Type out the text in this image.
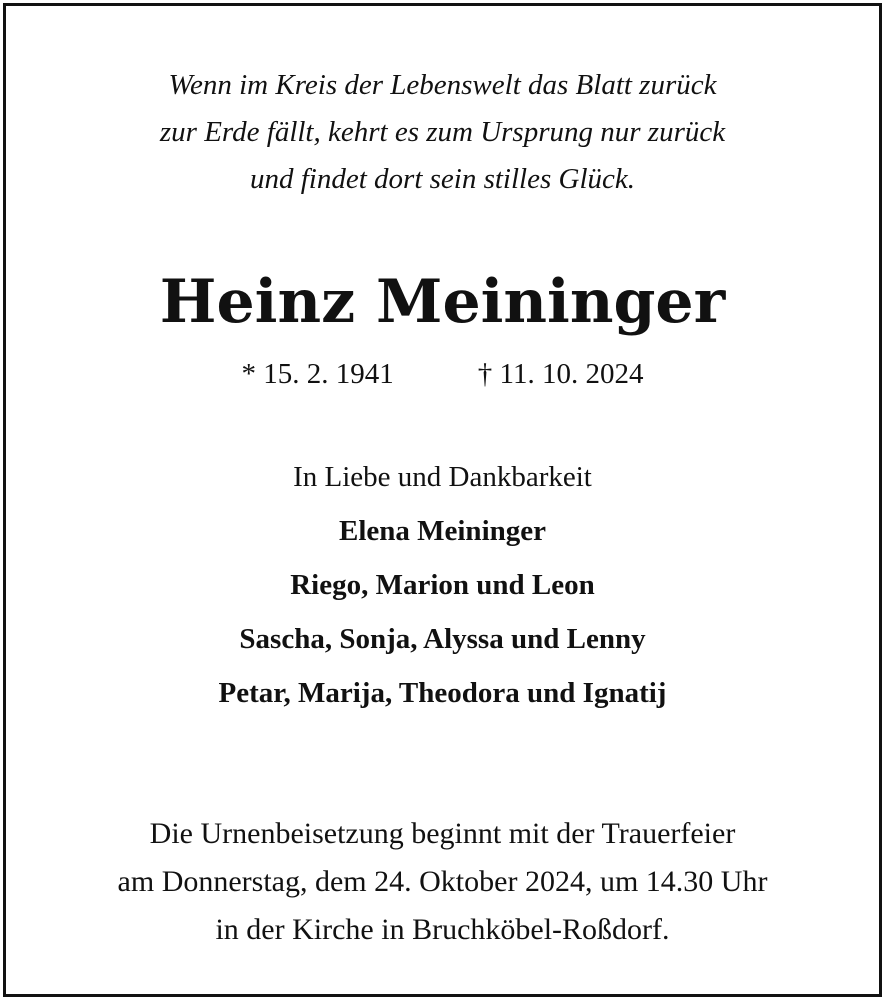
Wenn im Kreis der Lebenswelt das Blatt zurück
zur Erde fällt, kehrt es zum Ursprung nur zurück
und findet dort sein stilles Glück.
Heinz Meininger
* 15. 2. 1941	† 11. 10. 2024
In Liebe und Dankbarkeit
Elena Meininger
Riego, Marion und Leon
Sascha, Sonja, Alyssa und Lenny
Petar, Marija, Theodora und Ignatij
Die Urnenbeisetzung beginnt mit der Trauerfeier
am Donnerstag, dem 24. Oktober 2024, um 14.30 Uhr
in der Kirche in Bruchköbel-Roßdorf.
